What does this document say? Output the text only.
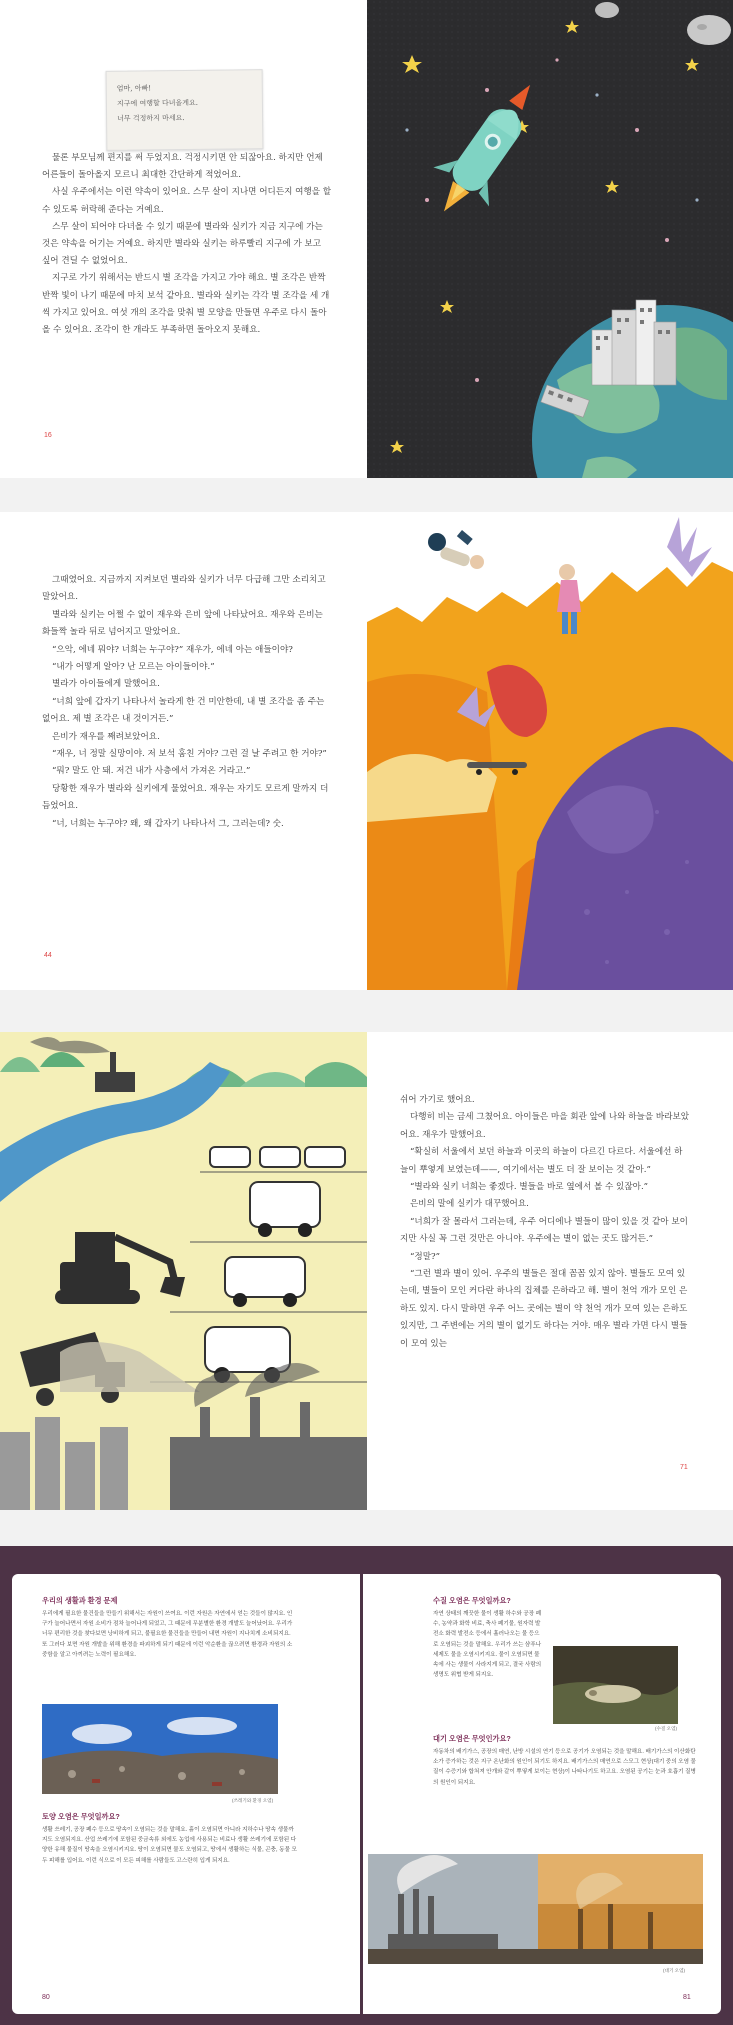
엄마, 아빠!
지구에 여행할 다녀올게요.
너무 걱정하지 마세요.

물론 부모님께 편지를 써 두었지요. 걱정시키면 안 되잖아요. 하지만 언제 어른들이 돌아올지 모르니 최대한 간단하게 적었어요.

사실 우주에서는 이런 약속이 있어요. 스무 살이 지나면 어디든지 여행을 할 수 있도록 허락해 준다는 거예요.

스무 살이 되어야 다녀올 수 있기 때문에 별라와 실키가 지금 지구에 가는 것은 약속을 어기는 거예요. 하지만 별라와 실키는 하루빨리 지구에 가 보고 싶어 견딜 수 없었어요.

지구로 가기 위해서는 반드시 별 조각을 가지고 가야 해요. 별 조각은 반짝반짝 빛이 나기 때문에 마치 보석 같아요. 별라와 실키는 각각 별 조각을 세 개씩 가지고 있어요. 여섯 개의 조각을 맞춰 별 모양을 만들면 우주로 다시 돌아올 수 있어요. 조각이 한 개라도 부족하면 돌아오지 못해요.

16

그때였어요. 지금까지 지켜보던 별라와 실키가 너무 다급해 그만 소리치고 말았어요.

별라와 실키는 어쩔 수 없이 재우와 은비 앞에 나타났어요. 재우와 은비는 화들짝 놀라 뒤로 넘어지고 말았어요.

“으악, 에네 뭐야? 너희는 누구야?” 재우가, 에네 아는 애들이야?

“내가 어떻게 알아? 난 모르는 아이들이야.”

별라가 아이들에게 말했어요.

“너희 앞에 갑자기 나타나서 놀라게 한 건 미안한데, 내 별 조각을 좀 주는 없어요. 제 별 조각은 내 것이거든.”

은비가 재우를 째려보았어요.

“재우, 너 정말 실망이야. 저 보석 훔친 거야? 그런 걸 날 주려고 한 거야?”

“뭐? 말도 안 돼. 저건 내가 사층에서 가져온 거라고.”

당황한 재우가 별라와 실키에게 물었어요. 재우는 자기도 모르게 말까지 더듬었어요.

“너, 너희는 누구야? 왜, 왜 갑자기 나타나서 그, 그러는데? 숫.

44

쉬어 가기로 했어요.

다행히 비는 금세 그쳤어요. 아이들은 마을 회관 앞에 나와 하늘을 바라보았어요. 재우가 말했어요.

“확실히 서울에서 보던 하늘과 이곳의 하늘이 다르긴 다르다. 서울에선 하늘이 뿌옇게 보였는데——, 여기에서는 별도 더 잘 보이는 것 같아.”

“별라와 실키 너희는 좋겠다. 별들을 바로 옆에서 볼 수 있잖아.”

은비의 말에 실키가 대꾸했어요.

“너희가 잘 몰라서 그러는데, 우주 어디에나 별들이 많이 있을 것 같아 보이지만 사실 꼭 그런 것만은 아니야. 우주에는 별이 없는 곳도 많거든.”

“정말?”

“그런 별과 별이 있어. 우주의 별들은 절대 꼼꼼 있지 않아. 별들도 모여 있는데, 별들이 모인 커다란 하나의 집체를 은하라고 해. 별이 천억 개가 모인 은하도 있지. 다시 말하면 우주 어느 곳에는 별이 약 천억 개가 모여 있는 은하도 있지만, 그 주변에는 거의 별이 없기도 하다는 거야. 매우 별라 가면 다시 별들이 모여 있는

71
우리의 생활과 환경 문제
우리에게 필요한 물건들을 만들기 위해서는 자원이 쓰여요. 이런 자원은 자연에서 얻는 것들이 많지요. 인구가 늘어나면서 자원 소비가 점차 늘어나게 되었고, 그 때문에 무분별한 환경 개발도 늘어났어요. 우리가 너무 편리한 것을 찾다보면 낭비하게 되고, 불필요한 물건들을 만들어 내면 자원이 지나치게 소비되지요. 또 그러다 보면 자원 개발을 위해 환경을 파괴하게 되기 때문에 이런 악순환을 끊으려면 환경과 자원의 소중함을 알고 아끼려는 노력이 필요해요.
(쓰레기와 환경 오염)
토양 오염은 무엇일까요?
생활 쓰레기, 공장 폐수 등으로 땅속이 오염되는 것을 말해요. 흙이 오염되면 아니라 지하수나 땅속 생물까지도 오염되지요. 산업 쓰레기에 포함된 중금속류 외에도 농업에 사용되는 비료나 생활 쓰레기에 포함된 다양한 유해 물질이 땅속을 오염시키지요. 땅이 오염되면 물도 오염되고, 땅에서 생활하는 식물, 곤충, 동물 모두 피해를 입어요. 이런 식으로 이 모든 피해를 사람들도 고스란히 입게 되지요.
80
수질 오염은 무엇일까요?
자연 상태의 깨끗한 물이 생활 하수와 공장 폐수, 농약과 화학 비료, 축사 폐기물, 원자력 발전소 화력 발전소 등에서 흘러나오는 물 등으로 오염되는 것을 말해요. 우리가 쓰는 샴푸나 세제도 물을 오염시키지요. 물이 오염되면 물속에 사는 생물이 사라지게 되고, 결국 사람의 생명도 위협 받게 되지요.
(수질 오염)
대기 오염은 무엇인가요?
자동차의 배기가스, 공장의 매연, 난방 시설의 연기 등으로 공기가 오염되는 것을 말해요. 배기가스의 이산화탄소가 증가하는 것은 지구 온난화의 원인이 되기도 하지요. 배기가스의 매연으로 스모그 현상(대기 중의 오염 물질이 수증기와 합쳐져 안개와 같이 뿌옇게 보이는 현상)이 나타나기도 하고요. 오염된 공기는 눈과 호흡기 질병의 원인이 되지요.
(대기 오염)
81
